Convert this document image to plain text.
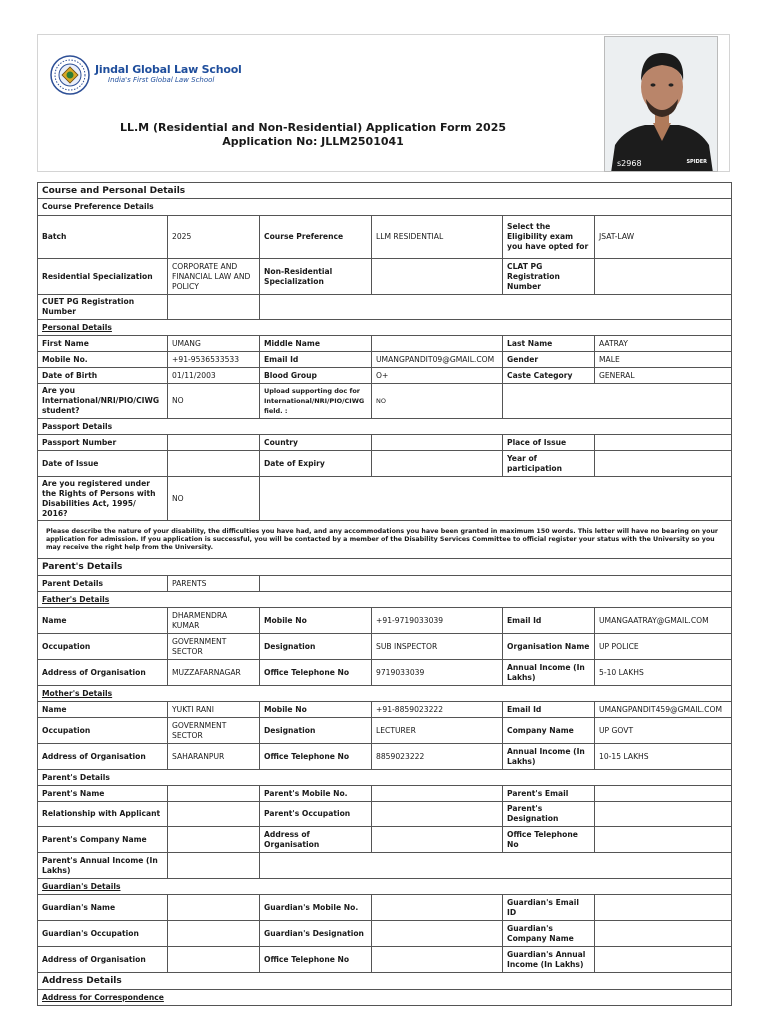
Jindal Global Law School
India's First Global Law School
LL.M (Residential and Non-Residential) Application Form 2025
Application No: JLLM2501041
s2968	SPIDER
Course and Personal Details					
Course Preference Details					
Batch	2025	Course Preference	LLM RESIDENTIAL	Select the Eligibility exam you have opted for	JSAT-LAW
Residential Specialization	CORPORATE AND FINANCIAL LAW AND POLICY	Non-Residential Specialization		CLAT PG Registration Number	
CUET PG Registration Number					
Personal Details					
First Name	UMANG	Middle Name		Last Name	AATRAY
Mobile No.	+91-9536533533	Email Id	UMANGPANDIT09@GMAIL.COM	Gender	MALE
Date of Birth	01/11/2003	Blood Group	O+	Caste Category	GENERAL
Are you International/NRI/PIO/CIWG student?	NO	Upload supporting doc for International/NRI/PIO/CIWG field. :	NO		
Passport Details					
Passport Number		Country		Place of Issue	
Date of Issue		Date of Expiry		Year of participation	
Are you registered under the Rights of Persons with Disabilities Act, 1995/ 2016?	NO				
Please describe the nature of your disability, the difficulties you have had, and any accommodations you have been granted in maximum 150 words. This letter will have no bearing on your application for admission. If you application is successful, you will be contacted by a member of the Disability Services Committee to official register your status with the University so you may receive the right help from the University.					
Parent's Details					
Parent Details	PARENTS				
Father's Details					
Name	DHARMENDRA KUMAR	Mobile No	+91-9719033039	Email Id	UMANGAATRAY@GMAIL.COM
Occupation	GOVERNMENT SECTOR	Designation	SUB INSPECTOR	Organisation Name	UP POLICE
Address of Organisation	MUZZAFARNAGAR	Office Telephone No	9719033039	Annual Income (In Lakhs)	5-10 LAKHS
Mother's Details					
Name	YUKTI RANI	Mobile No	+91-8859023222	Email Id	UMANGPANDIT459@GMAIL.COM
Occupation	GOVERNMENT SECTOR	Designation	LECTURER	Company Name	UP GOVT
Address of Organisation	SAHARANPUR	Office Telephone No	8859023222	Annual Income (In Lakhs)	10-15 LAKHS
Parent's Details					
Parent's Name		Parent's Mobile No.		Parent's Email	
Relationship with Applicant		Parent's Occupation		Parent's Designation	
Parent's Company Name		Address of Organisation		Office Telephone No	
Parent's Annual Income (In Lakhs)					
Guardian's Details					
Guardian's Name		Guardian's Mobile No.		Guardian's Email ID	
Guardian's Occupation		Guardian's Designation		Guardian's Company Name	
Address of Organisation		Office Telephone No		Guardian's Annual Income (In Lakhs)	
Address Details					
Address for Correspondence					
